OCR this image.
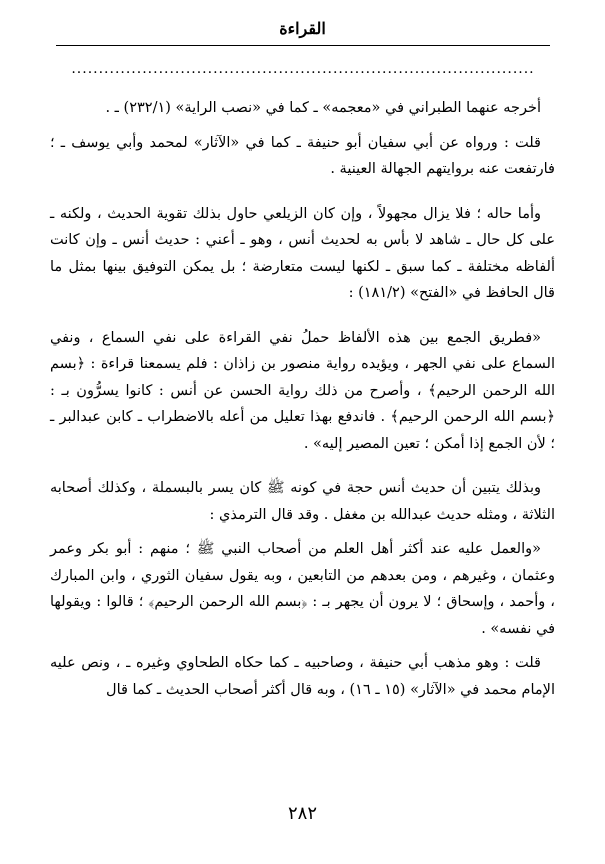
القراءة
.....................................................................................

أخرجه عنهما الطبراني في «معجمه» ـ كما في «نصب الراية» (٢٣٢/١) ـ .

قلت : ورواه عن أبي سفيان أبو حنيفة ـ كما في «الآثار» لمحمد وأبي يوسف ـ ؛ فارتفعت عنه بروايتهم الجهالة العينية .

وأما حاله ؛ فلا يزال مجهولاً ، وإن كان الزيلعي حاول بذلك تقوية الحديث ، ولكنه ـ على كل حال ـ شاهد لا بأس به لحديث أنس ، وهو ـ أعني : حديث أنس ـ وإن كانت ألفاظه مختلفة ـ كما سبق ـ لكنها ليست متعارضة ؛ بل يمكن التوفيق بينها بمثل ما قال الحافظ في «الفتح» (١٨١/٢) :

«فطريق الجمع بين هذه الألفاظ حملُ نفي القراءة على نفي السماع ، ونفي السماع على نفي الجهر ، ويؤيده رواية منصور بن زاذان : فلم يسمعنا قراءة : ﴿بسم الله الرحمن الرحيم﴾ ، وأصرح من ذلك رواية الحسن عن أنس : كانوا يسرُّون بـ : ﴿بسم الله الرحمن الرحيم﴾ . فاندفع بهذا تعليل من أعله بالاضطراب ـ كابن عبدالبر ـ ؛ لأن الجمع إذا أمكن ؛ تعين المصير إليه» .

وبذلك يتبين أن حديث أنس حجة في كونه ﷺ كان يسر بالبسملة ، وكذلك أصحابه الثلاثة ، ومثله حديث عبدالله بن مغفل . وقد قال الترمذي :

«والعمل عليه عند أكثر أهل العلم من أصحاب النبي ﷺ ؛ منهم : أبو بكر وعمر وعثمان ، وغيرهم ، ومن بعدهم من التابعين ، وبه يقول سفيان الثوري ، وابن المبارك ، وأحمد ، وإسحاق ؛ لا يرون أن يجهر بـ : ﴿بسم الله الرحمن الرحيم﴾ ؛ قالوا : ويقولها في نفسه» .

قلت : وهو مذهب أبي حنيفة ، وصاحبيه ـ كما حكاه الطحاوي وغيره ـ ، ونص عليه الإمام محمد في «الآثار» (١٥ ـ ١٦) ، وبه قال أكثر أصحاب الحديث ـ كما قال

٢٨٢
